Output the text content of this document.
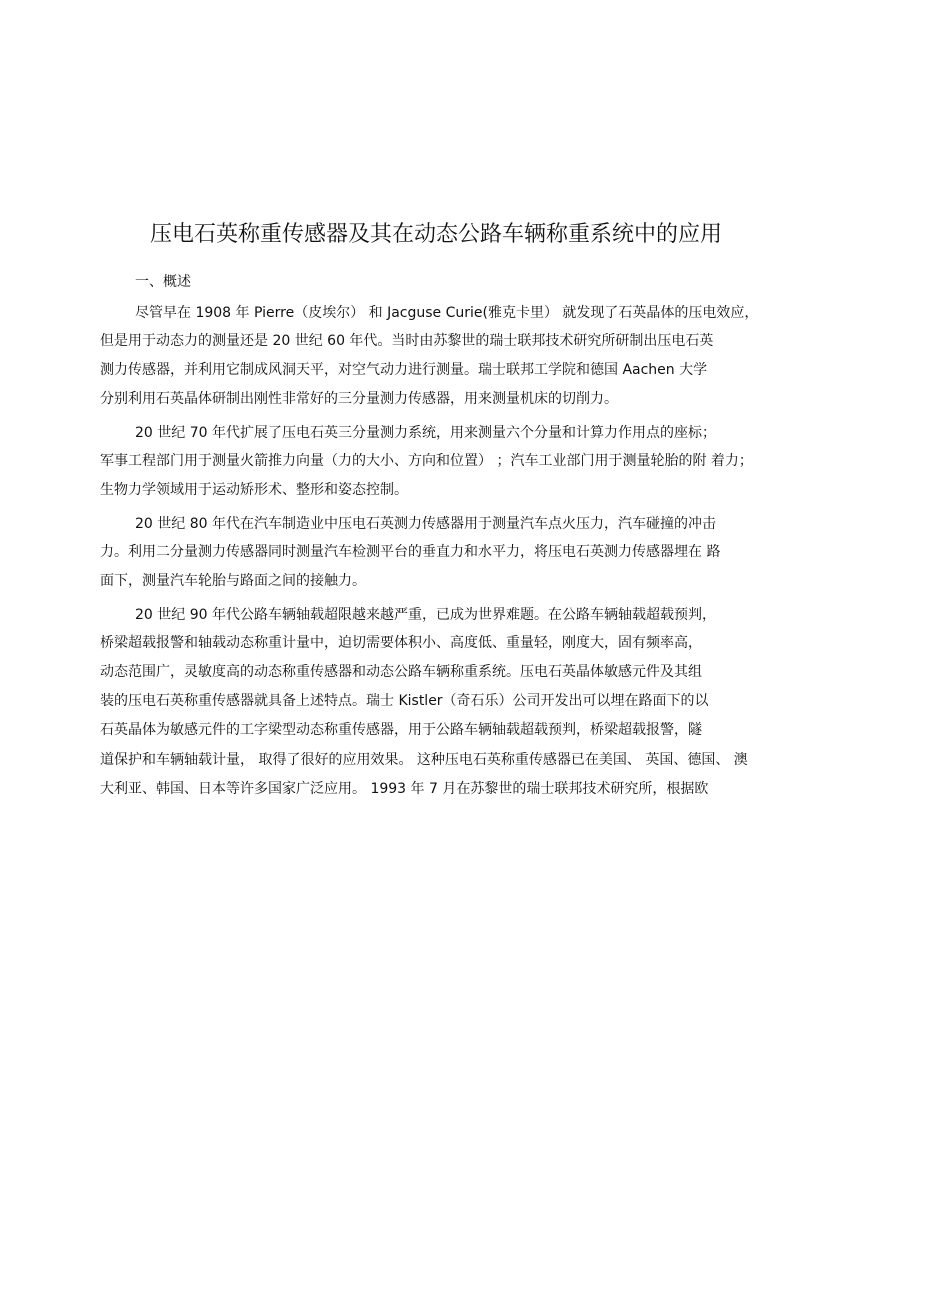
压电石英称重传感器及其在动态公路车辆称重系统中的应用
一、概述
尽管早在 1908 年 Pierre（皮埃尔） 和 Jacguse Curie(雅克卡里） 就发现了石英晶体的压电效应，
但是用于动态力的测量还是 20 世纪 60 年代。当时由苏黎世的瑞士联邦技术研究所研制出压电石英
测力传感器，并利用它制成风洞天平，对空气动力进行测量。瑞士联邦工学院和德国 Aachen 大学
分别利用石英晶体研制出刚性非常好的三分量测力传感器，用来测量机床的切削力。
20 世纪 70 年代扩展了压电石英三分量测力系统，用来测量六个分量和计算力作用点的座标；
军事工程部门用于测量火箭推力向量（力的大小、方向和位置） ；汽车工业部门用于测量轮胎的附 着力；
生物力学领域用于运动矫形术、整形和姿态控制。
20 世纪 80 年代在汽车制造业中压电石英测力传感器用于测量汽车点火压力，汽车碰撞的冲击
力。利用二分量测力传感器同时测量汽车检测平台的垂直力和水平力，将压电石英测力传感器埋在 路
面下，测量汽车轮胎与路面之间的接触力。
20 世纪 90 年代公路车辆轴载超限越来越严重，已成为世界难题。在公路车辆轴载超载预判，
桥梁超载报警和轴载动态称重计量中，迫切需要体积小、高度低、重量轻，刚度大，固有频率高，
动态范围广，灵敏度高的动态称重传感器和动态公路车辆称重系统。压电石英晶体敏感元件及其组
装的压电石英称重传感器就具备上述特点。瑞士 Kistler（奇石乐）公司开发出可以埋在路面下的以
石英晶体为敏感元件的工字梁型动态称重传感器，用于公路车辆轴载超载预判，桥梁超载报警，隧
道保护和车辆轴载计量， 取得了很好的应用效果。 这种压电石英称重传感器已在美国、 英国、德国、 澳
大利亚、韩国、日本等许多国家广泛应用。 1993 年 7 月在苏黎世的瑞士联邦技术研究所，根据欧
